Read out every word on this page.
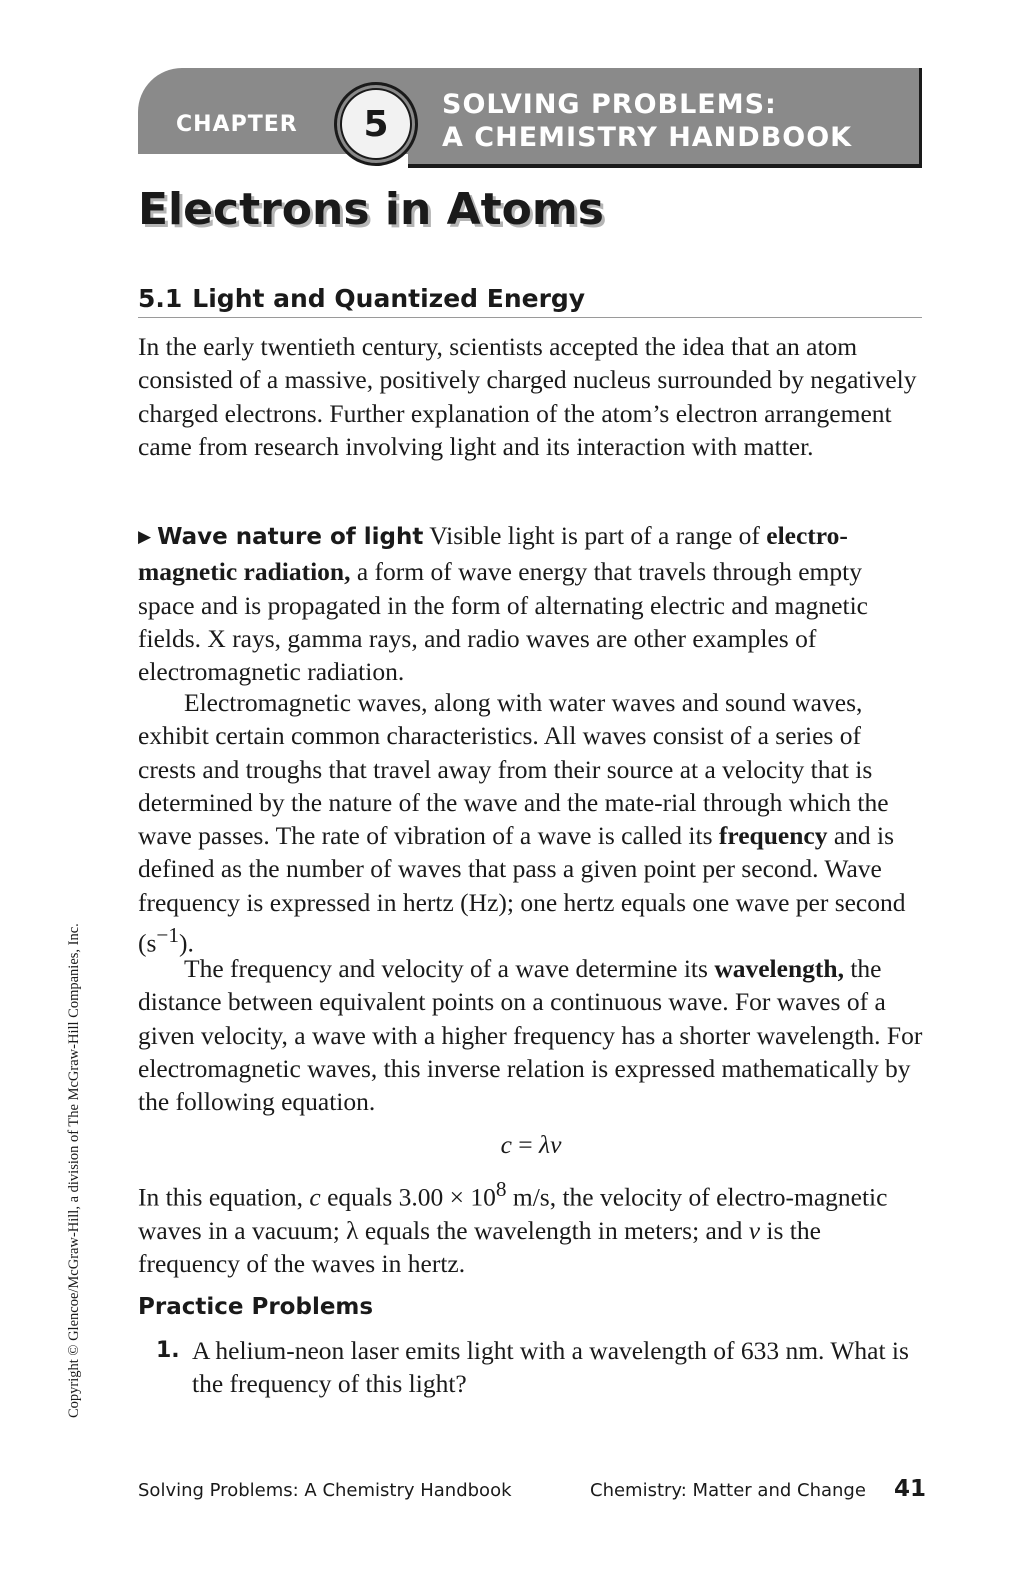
CHAPTER 5 SOLVING PROBLEMS:
A CHEMISTRY HANDBOOK
Electrons in Atoms
5.1 Light and Quantized Energy

In the early twentieth century, scientists accepted the idea that an atom consisted of a massive, positively charged nucleus surrounded by negatively charged electrons. Further explanation of the atom’s electron arrangement came from research involving light and its interaction with matter.

▶ Wave nature of light Visible light is part of a range of electro-magnetic radiation, a form of wave energy that travels through empty space and is propagated in the form of alternating electric and magnetic fields. X rays, gamma rays, and radio waves are other examples of electromagnetic radiation.

Electromagnetic waves, along with water waves and sound waves, exhibit certain common characteristics. All waves consist of a series of crests and troughs that travel away from their source at a velocity that is determined by the nature of the wave and the mate-rial through which the wave passes. The rate of vibration of a wave is called its frequency and is defined as the number of waves that pass a given point per second. Wave frequency is expressed in hertz (Hz); one hertz equals one wave per second $(s^{-1})$.

The frequency and velocity of a wave determine its wavelength, the distance between equivalent points on a continuous wave. For waves of a given velocity, a wave with a higher frequency has a shorter wavelength. For electromagnetic waves, this inverse relation is expressed mathematically by the following equation.

c = λν

In this equation, c equals $3.00 \times 10^8$ m/s, the velocity of electro-magnetic waves in a vacuum; λ equals the wavelength in meters; and ν is the frequency of the waves in hertz.

Practice Problems
1. A helium-neon laser emits light with a wavelength of 633 nm. What is the frequency of this light?
Copyright © Glencoe/McGraw-Hill, a division of The McGraw-Hill Companies, Inc.
Solving Problems: A Chemistry Handbook	Chemistry: Matter and Change 41
